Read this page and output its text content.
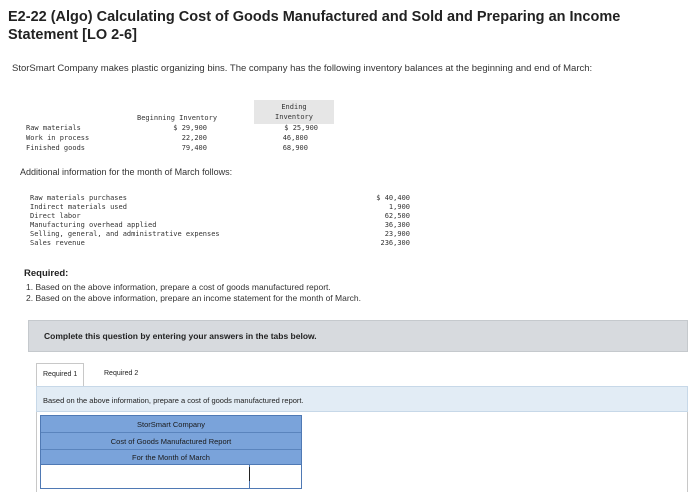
E2-22 (Algo) Calculating Cost of Goods Manufactured and Sold and Preparing an Income Statement [LO 2-6]
StorSmart Company makes plastic organizing bins. The company has the following inventory balances at the beginning and end of March:
Beginning Inventory
Ending
Inventory
Raw materials	$ 29,900	$ 25,900
Work in process	22,200	46,800
Finished goods	79,400	68,900
Additional information for the month of March follows:
Raw materials purchases	$ 40,400
Indirect materials used	1,900
Direct labor	62,500
Manufacturing overhead applied	36,300
Selling, general, and administrative expenses	23,900
Sales revenue	236,300
Required:
1. Based on the above information, prepare a cost of goods manufactured report.
2. Based on the above information, prepare an income statement for the month of March.
Complete this question by entering your answers in the tabs below.
Required 1	Required 2
Based on the above information, prepare a cost of goods manufactured report.
StorSmart Company
Cost of Goods Manufactured Report
For the Month of March
